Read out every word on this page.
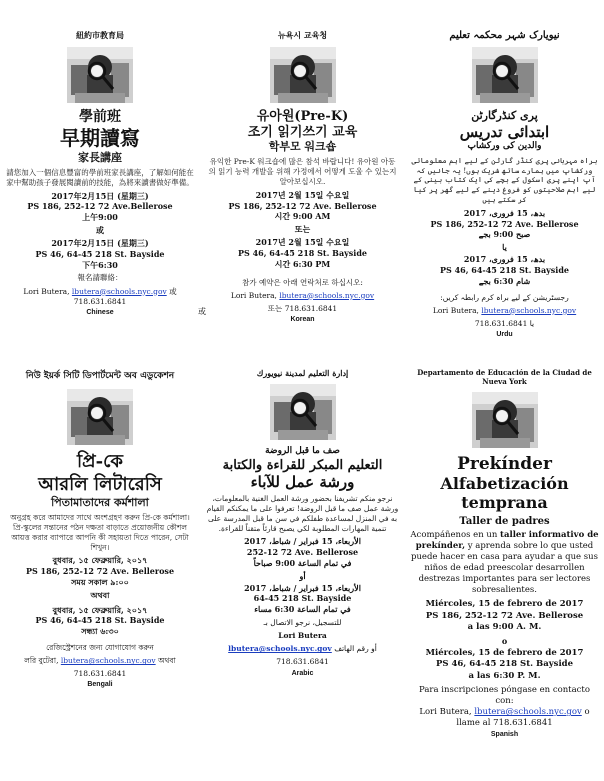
紐約市教育局
學前班
早期讀寫
家長講座
請您加入一個信息豐富的學前班家長講座，了解如何能在家中幫助孩子發展閱讀前的技能，為將來讀書做好準備。
2017年2月15日 (星期三)
PS 186, 252-12 72 Ave.Bellerose
上午9:00
或
2017年2月15日 (星期三)
PS 46, 64-45 218 St. Bayside
下午6:30
報名請聯絡：
Lori Butera, lbutera@schools.nyc.gov 或 718.631.6841
Chinese	或
뉴욕시 교육청
유아원(Pre-K)
조기 읽기쓰기 교육
학부모 워크숍
유익한 Pre-K 워크숍에 많은 참석 바랍니다! 유아원 아동의 읽기 능력 개발을 위해 가정에서 어떻게 도울 수 있는지 알아보십시오.
2017년 2월 15일 수요일
PS 186, 252-12 72 Ave. Bellerose
시간 9:00 AM
또는
2017년 2월 15일 수요일
PS 46, 64-45 218 St. Bayside
시간 6:30 PM
참가 예약은 아래 연락처로 하십시오:
Lori Butera, lbutera@schools.nyc.gov
또는 718.631.6841
Korean
نیویارک شہر محکمہ تعلیم
پری کنڈرگارٹن
ابتدائی تدریس
والدین کی ورکشاپ
براہ مہربانی پری کنڈر گارٹن کے لیے اہم معلوماتی ورکشاپ میں ہمارے ساتھ شریک ہوں! یہ جانیں کہ آپ اپنے پری اسکول کے بچے کی ایک کتاب بینی کے لیے اہم صلاحیتوں کو فروغ دینے کے لیے گھر پر کیا کر سکتے ہیں
بدھ، 15 فروری، 2017
PS 186, 252-12 72 Ave. Bellerose
صبح 9:00 بجے
یا
بدھ، 15 فروری، 2017
PS 46, 64-45 218 St. Bayside
شام 6:30 بجے
رجسٹریشن کے لیے براہ کرم رابطہ کریں:
Lori Butera, lbutera@schools.nyc.gov
یا 718.631.6841
Urdu
নিউ ইয়র্ক সিটি ডিপার্টমেন্ট অব এডুকেশন
প্রি-কে
আরলি লিটারেসি
পিতামাতাদের কর্মশালা
অনুগ্রহ করে আমাদের সাথে অংশগ্রহণ করুন প্রি-কে কর্মশালা। প্রি-স্কুলের সন্তানের পঠন দক্ষতা বাড়াতে প্রয়োজনীয় কৌশল আয়ত্ত করার ব্যাপারে আপনি কী সহায়তা দিতে পারেন, সেটা শিখুন।
বুধবার, ১৫ ফেব্রুয়ারি, ২০১৭
PS 186, 252-12 72 Ave. Bellerose
সময় সকাল ৯:০০
অথবা
বুধবার, ১৫ ফেব্রুয়ারি, ২০১৭
PS 46, 64-45 218 St. Bayside
সন্ধ্যা ৬:৩০
রেজিস্ট্রেশনের জন্য যোগাযোগ করুন
লরি বুটেরা, lbutera@schools.nyc.gov অথবা
718.631.6841
Bengali
إدارة التعليم لمدينة نيويورك
صف ما قبل الروضة
التعليم المبكر للقراءة والكتابة
ورشة عمل للآباء
نرجو منكم تشريفنا بحضور ورشة العمل الغنية بالمعلومات، ورشة عمل صف ما قبل الروضة! تعرفوا على ما يمكنكم القيام به في المنزل لمساعدة طفلكم في سن ما قبل المدرسة على تنمية المهارات المطلوبة لكي يصبح قارئاً متقناً للقراءة.
الأربعاء، 15 فبراير / شباط، 2017
252-12 72 Ave. Bellerose
في تمام الساعة 9:00 صباحاً
أو
الأربعاء، 15 فبراير / شباط، 2017
64-45 218 St. Bayside
في تمام الساعة 6:30 مساء
للتسجيل، نرجو الاتصال بـ
Lori Butera
lbutera@schools.nyc.gov أو رقم الهاتف
718.631.6841
Arabic
Departamento de Educación de la Ciudad de Nueva York
Prekínder
Alfabetización temprana
Taller de padres
Acompáñenos en un taller informativo de prekínder, y aprenda sobre lo que usted puede hacer en casa para ayudar a que sus niños de edad preescolar desarrollen destrezas importantes para ser lectores sobresalientes.
Miércoles, 15 de febrero de 2017
PS 186, 252-12 72 Ave. Bellerose
a las 9:00 A. M.
o
Miércoles, 15 de febrero de 2017
PS 46, 64-45 218 St. Bayside
a las 6:30 P. M.
Para inscripciones póngase en contacto con:
Lori Butera, lbutera@schools.nyc.gov o
llame al 718.631.6841
Spanish
